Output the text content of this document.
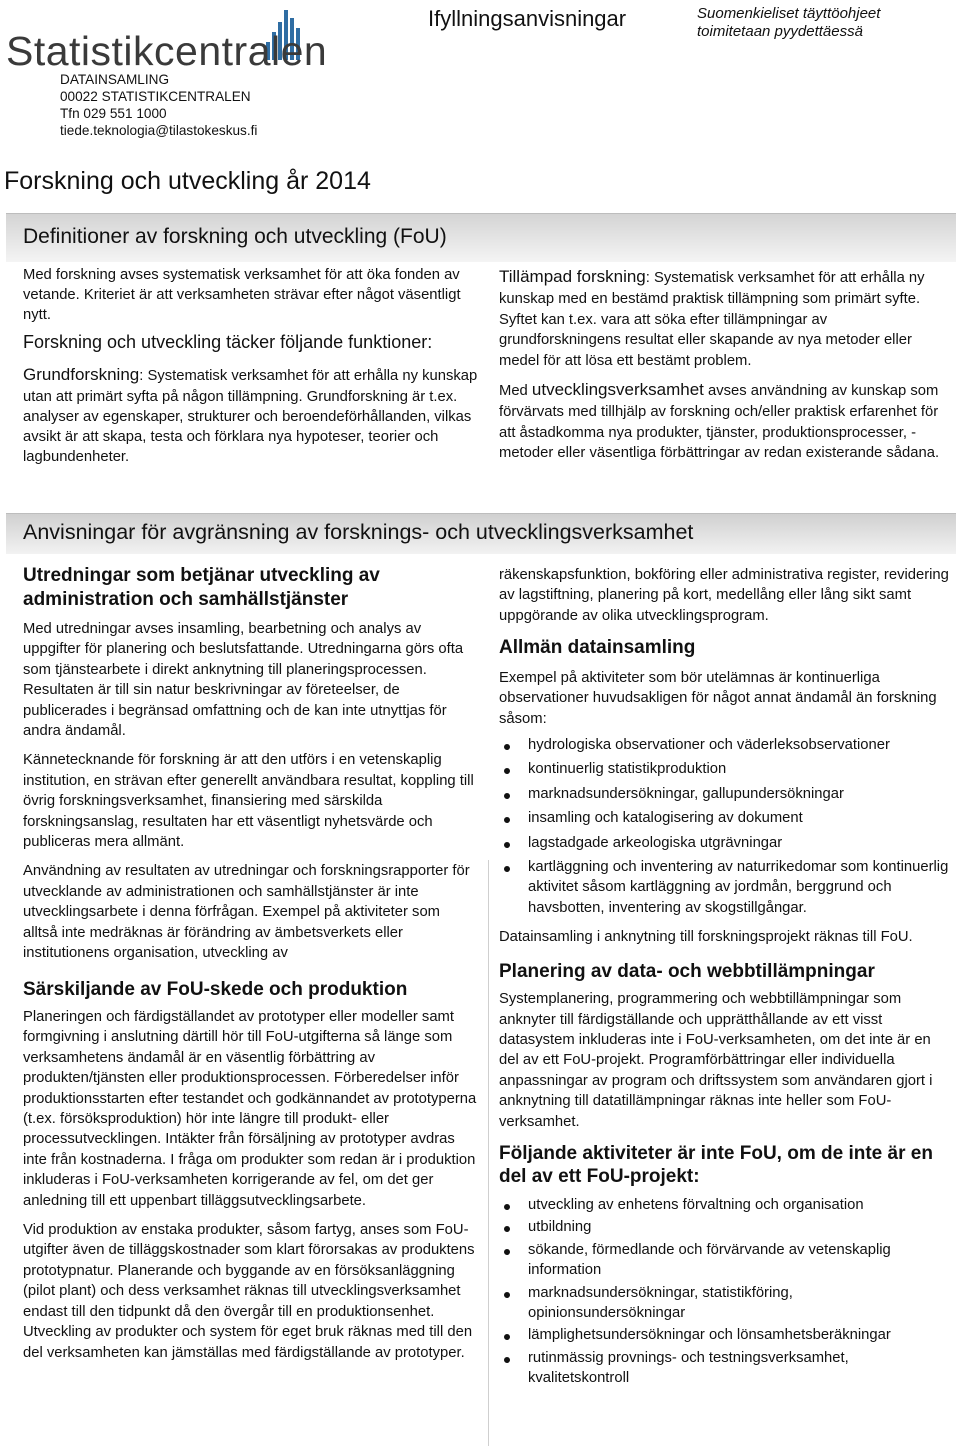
Statistikcentralen
DATAINSAMLING
00022 STATISTIKCENTRALEN
Tfn 029 551 1000
tiede.teknologia@tilastokeskus.fi
Ifyllningsanvisningar	Suomenkieliset täyttöohjeet
toimitetaan pyydettäessä
Forskning och utveckling år 2014
Definitioner av forskning och utveckling (FoU)

Med forskning avses systematisk verksamhet för att öka fonden av vetande. Kriteriet är att verksamheten strävar efter något väsentligt nytt.

Forskning och utveckling täcker följande funktioner:

Grundforskning: Systematisk verksamhet för att erhålla ny kunskap utan att primärt syfta på någon tillämpning. Grundforskning är t.ex. analyser av egenskaper, strukturer och beroendeförhållanden, vilkas avsikt är att skapa, testa och förklara nya hypoteser, teorier och lagbundenheter.

Tillämpad forskning: Systematisk verksamhet för att erhålla ny kunskap med en bestämd praktisk tillämpning som primärt syfte. Syftet kan t.ex. vara att söka efter tillämpningar av grundforskningens resultat eller skapande av nya metoder eller medel för att lösa ett bestämt problem.

Med utvecklingsverksamhet avses användning av kunskap som förvärvats med tillhjälp av forskning och/eller praktisk erfarenhet för att åstadkomma nya produkter, tjänster, produktionsprocesser, -metoder eller väsentliga förbättringar av redan existerande sådana.

Anvisningar för avgränsning av forsknings- och utvecklingsverksamhet
Utredningar som betjänar utveckling av administration och samhällstjänster

Med utredningar avses insamling, bearbetning och analys av uppgifter för planering och beslutsfattande. Utredningarna görs ofta som tjänstearbete i direkt anknytning till planeringsprocessen. Resultaten är till sin natur beskrivningar av företeelser, de publicerades i begränsad omfattning och de kan inte utnyttjas för andra ändamål.

Kännetecknande för forskning är att den utförs i en vetenskaplig institution, en strävan efter generellt användbara resultat, koppling till övrig forskningsverksamhet, finansiering med särskilda forskningsanslag, resultaten har ett väsentligt nyhetsvärde och publiceras mera allmänt.

Användning av resultaten av utredningar och forskningsrapporter för utvecklande av administrationen och samhällstjänster är inte utvecklingsarbete i denna förfrågan. Exempel på aktiviteter som alltså inte medräknas är förändring av ämbetsverkets eller institutionens organisation, utveckling av

Särskiljande av FoU-skede och produktion

Planeringen och färdigställandet av prototyper eller modeller samt formgivning i anslutning därtill hör till FoU-utgifterna så länge som verksamhetens ändamål är en väsentlig förbättring av produkten/tjänsten eller produktionsprocessen. Förberedelser inför produktionsstarten efter testandet och godkännandet av prototyperna (t.ex. försöksproduktion) hör inte längre till produkt- eller processutvecklingen. Intäkter från försäljning av prototyper avdras inte från kostnaderna. I fråga om produkter som redan är i produktion inkluderas i FoU-verksamheten korrigerande av fel, om det ger anledning till ett uppenbart tilläggsutvecklingsarbete.

Vid produktion av enstaka produkter, såsom fartyg, anses som FoU-utgifter även de tilläggskostnader som klart förorsakas av produktens prototypnatur. Planerande och byggande av en försöksanläggning (pilot plant) och dess verksamhet räknas till utvecklingsverksamhet endast till den tidpunkt då den övergår till en produktionsenhet. Utveckling av produkter och system för eget bruk räknas med till den del verksamheten kan jämställas med färdigställande av prototyper.

räkenskapsfunktion, bokföring eller administrativa register, revidering av lagstiftning, planering på kort, medellång eller lång sikt samt uppgörande av olika utvecklingsprogram.

Allmän datainsamling

Exempel på aktiviteter som bör utelämnas är kontinuerliga observationer huvudsakligen för något annat ändamål än forskning såsom:

hydrologiska observationer och väderleksobservationer
kontinuerlig statistikproduktion
marknadsundersökningar, gallupundersökningar
insamling och katalogisering av dokument
lagstadgade arkeologiska utgrävningar
kartläggning och inventering av naturrikedomar som kontinuerlig aktivitet såsom kartläggning av jordmån, berggrund och havsbotten, inventering av skogstillgångar.

Datainsamling i anknytning till forskningsprojekt räknas till FoU.

Planering av data- och webbtillämpningar

Systemplanering, programmering och webbtillämpningar som anknyter till färdigställande och upprätthållande av ett visst datasystem inkluderas inte i FoU-verksamheten, om det inte är en del av ett FoU-projekt. Programförbättringar eller individuella anpassningar av program och driftssystem som användaren gjort i anknytning till datatillämpningar räknas inte heller som FoU-verksamhet.

Följande aktiviteter är inte FoU, om de inte är en del av ett FoU-projekt:
utveckling av enhetens förvaltning och organisation
utbildning
sökande, förmedlande och förvärvande av vetenskaplig information
marknadsundersökningar, statistikföring, opinionsundersökningar
lämplighetsundersökningar och lönsamhetsberäkningar
rutinmässig provnings- och testningsverksamhet, kvalitetskontroll
